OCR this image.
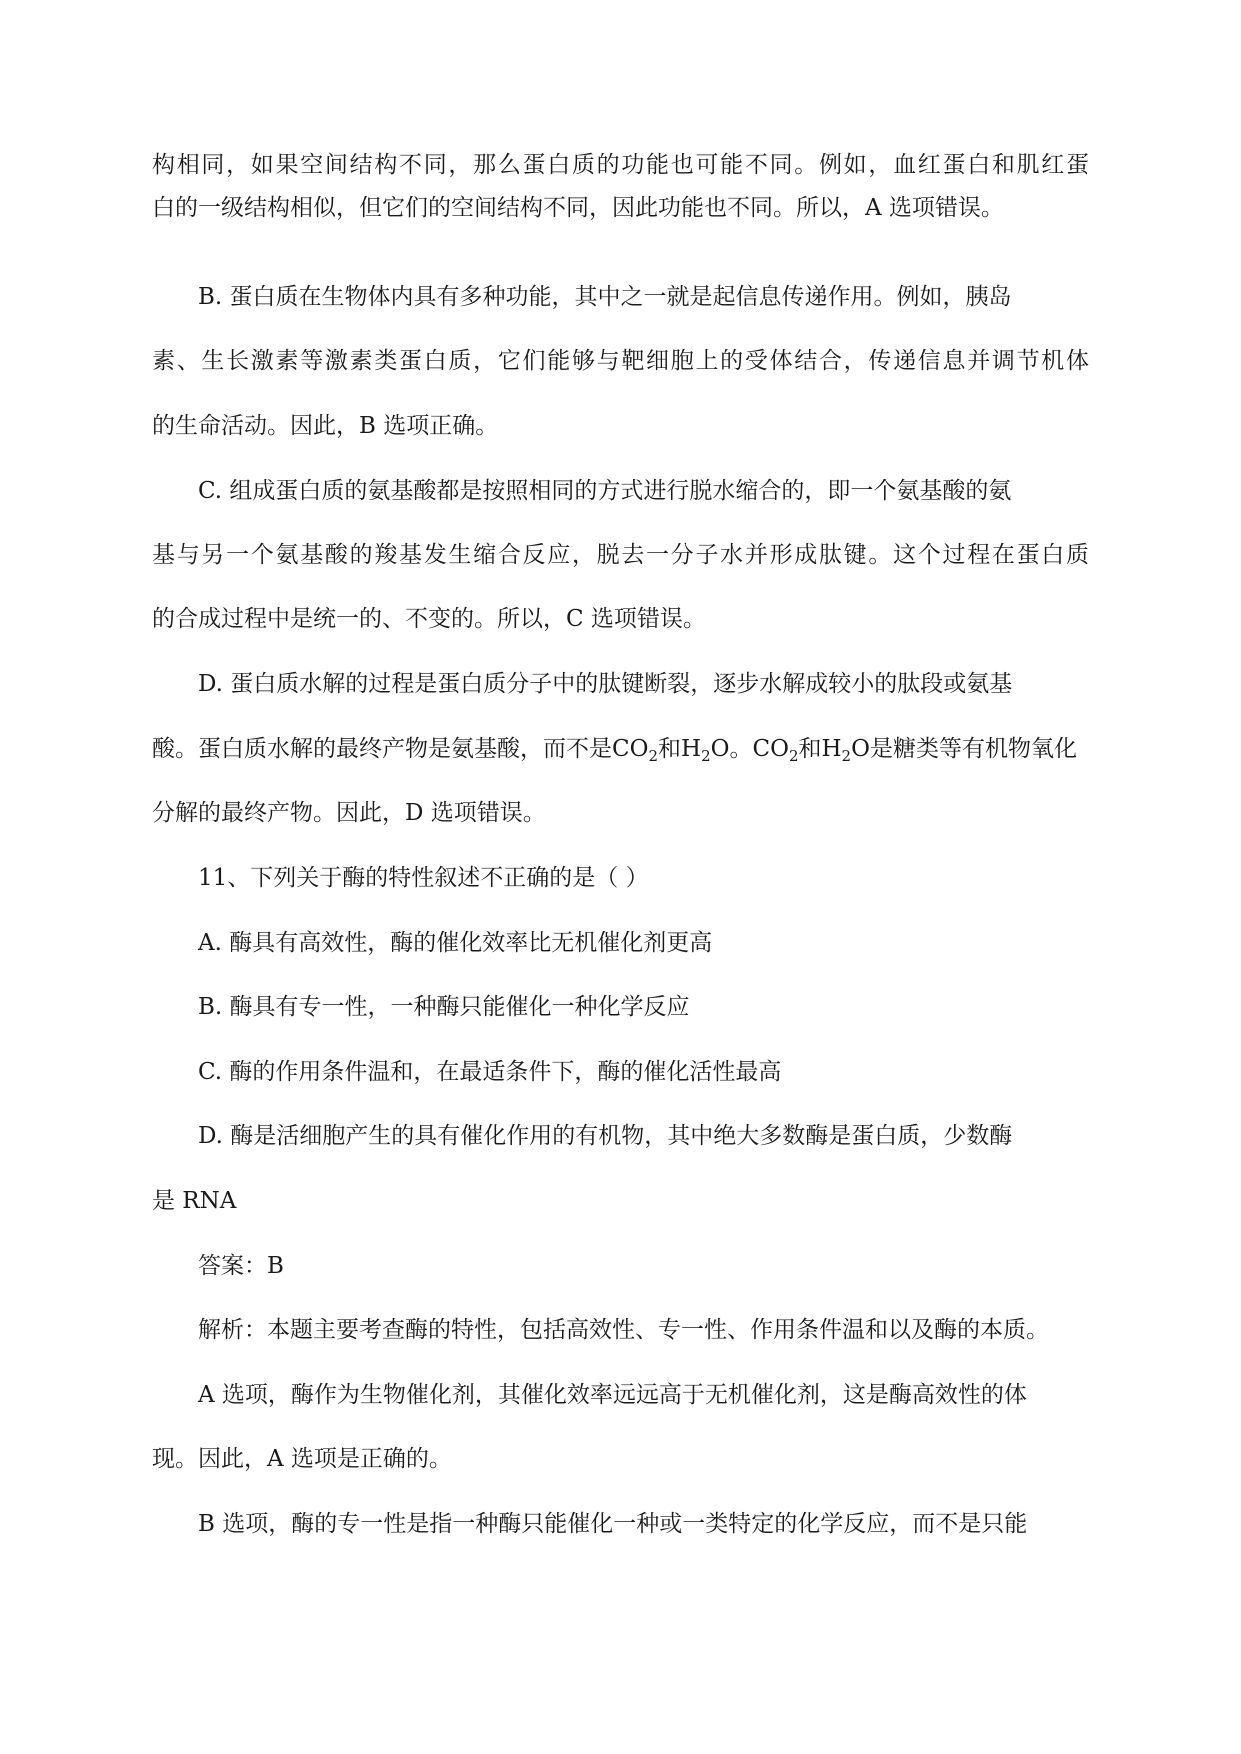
构相同，如果空间结构不同，那么蛋白质的功能也可能不同。例如，血红蛋白和肌红蛋
白的一级结构相似，但它们的空间结构不同，因此功能也不同。所以，A 选项错误。
B. 蛋白质在生物体内具有多种功能，其中之一就是起信息传递作用。例如，胰岛
素、生长激素等激素类蛋白质，它们能够与靶细胞上的受体结合，传递信息并调节机体
的生命活动。因此，B 选项正确。
C. 组成蛋白质的氨基酸都是按照相同的方式进行脱水缩合的，即一个氨基酸的氨
基与另一个氨基酸的羧基发生缩合反应，脱去一分子水并形成肽键。这个过程在蛋白质
的合成过程中是统一的、不变的。所以，C 选项错误。
D. 蛋白质水解的过程是蛋白质分子中的肽键断裂，逐步水解成较小的肽段或氨基
酸。蛋白质水解的最终产物是氨基酸，而不是$CO_2$和$H_2O$。$CO_2$和$H_2O$是糖类等有机物氧化
分解的最终产物。因此，D 选项错误。
11、下列关于酶的特性叙述不正确的是（ ）
A. 酶具有高效性，酶的催化效率比无机催化剂更高
B. 酶具有专一性，一种酶只能催化一种化学反应
C. 酶的作用条件温和，在最适条件下，酶的催化活性最高
D. 酶是活细胞产生的具有催化作用的有机物，其中绝大多数酶是蛋白质，少数酶
是 RNA
答案：B
解析：本题主要考查酶的特性，包括高效性、专一性、作用条件温和以及酶的本质。
A 选项，酶作为生物催化剂，其催化效率远远高于无机催化剂，这是酶高效性的体
现。因此，A 选项是正确的。
B 选项，酶的专一性是指一种酶只能催化一种或一类特定的化学反应，而不是只能
